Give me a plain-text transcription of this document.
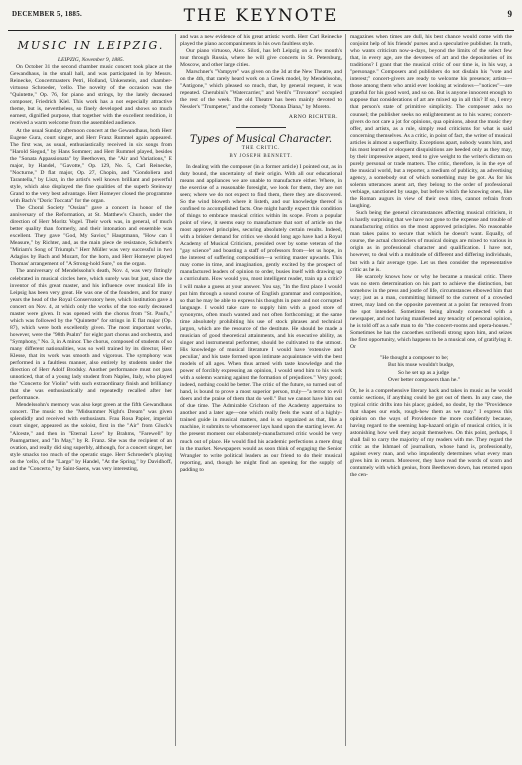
DECEMBER 5, 1885.	THE KEYNOTE	9
MUSIC IN LEIPZIG.

LEIPZIG, November 9, 1885.

On October 31 the second chamber music concert took place at the Gewandhaus, in the small hall, and was participated in by Messrs. Reinecke, Concertmasters Petri, Holland, Unkenstein, and chamber-virtuoso Schroeder, 'cello. The novelty of the occasion was the "Quintette," Op. 76, for piano and strings, by the lately deceased composer, Friedrich Kiel. This work has a not especially attractive theme, but is, nevertheless, so finely developed and shows so much earnest, dignified purpose, that together with the excellent rendition, it received a warm welcome from the assembled audience.

At the usual Sunday afternoon concert at the Gewandhaus, both Herr Eugene Gura, court singer, and Herr Franz Rummel again appeared. The first was, as usual, enthusiastically received in six songs from "Harold Siegud," by Hans Sommer; and Herr Rummel played, besides the "Sonata Appassionata" by Beethoven, the "Air and Variations," E major, by Handel, "Gavotte," Op. 129, No. 5, Carl Reinecke, "Nocturne," D flat major, Op. 27, Chopin, and "Gondoliera and Tarantella," by Liszt, in the artist's well known brilliant and powerful style, which also displayed the fine qualities of the superb Steinway Grand to the very best advantage. Herr Homeyer closed the programme with Bach's "Doric Toccata" for the organ.

The Choral Society "Ossian" gave a concert in honor of the anniversary of the Reformation, at St. Matthew's Church, under the direction of Herr Moritz Vogel. Their work was, in general, of much better quality than formerly, and their intonation and ensemble was excellent. They gave "God, My Savior," Hauptmann, "How can I Measure," by Richter, and, as the main piece de resistance, Schubert's "Miriam's Song of Triumph." Herr Müller was very successful in two Adagios by Bach and Mozart, for the horn, and Herr Homeyer played Thomas' arrangement of "A Strong-hold Sure," on the organ.

The anniversary of Mendelssohn's death, Nov. 4, was very fittingly celebrated in musical circles here, which surely was but just, since the inventor of this great master, and his influence over musical life in Leipsig has been very great. He was one of the founders, and for many years the head of the Royal Conservatory here, which institution gave a concert on Nov. 4, at which only the works of the too early deceased master were given. It was opened with the chorus from "St. Paul's," which was followed by the "Quintette" for strings in E flat major (Op. 87), which were both excellently given. The most important works, however, were the "98th Psalm" for eight part chorus and orchestra, and "Symphony," No. 3, in A minor. The chorus, composed of students of so many different nationalities, was so well trained by its director, Herr Klesse, that its work was smooth and vigorous. The symphony was performed in a faultless manner, also entirely by students under the direction of Herr Adolf Brodsky. Another performance must not pass unnoticed, that of a young lady student from Naples, Italy, who played the "Concerto for Violin" with such extraordinary finish and brilliancy that she was enthusiastically and repeatedly recalled after her performance.

Mendelssohn's memory was also kept green at the fifth Gewandhaus concert. The music to the "Midsummer Night's Dream" was given splendidly and received with enthusiasm. Frau Rosa Papier, imperial court singer, appeared as the soloist, first in the "Air" from Gluck's "Alceste," and then in "Eternal Love" by Brahms, "Farewell" by Paumgartner, and "In May," by R. Franz. She was the recipient of an ovation, and really did sing superbly, although, for a concert singer, her style smacks too much of the operatic stage. Herr Schroeder's playing on the 'cello, of the "Largo" by Handel, "At the Spring," by Davidhoff, and the "Concerto," by Saint-Saens, was very interesting,

and was a new evidence of his great artistic worth. Herr Carl Reinecke played the piano accompaniments in his own faultless style.

Our piano virtuoso, Alex. Siloti, has left Leipzig on a few month's tour through Russia, where he will give concerts in St. Petersburg, Moscow, and other large cities.

Marschner's "Vampyre" was given on the 3d at the New Theatre, and on the 4th, that rarely heard work on a Greek model, by Mendelssohn, "Antigone," which pleased so much, that, by general request, it was repeated. Cherubini's "Watercarrier," and Verdi's "Trovatore" occupied the rest of the week. The old Theatre has been mainly devoted to Nessler's "Trumpeter," and the comedy "Donna Diana," by Moreto.

ARNO RICHTER.
Types of Musical Character.
THE CRITIC.
BY JOSEPH BENNETT.

In dealing with the composer (in a former article) I pointed out, as in duty bound, the uncertainty of their origin. With all our educational means and appliances we are unable to manufacture either. Where, in the exercise of a reasonable foresight, we look for them, they are not seen; where we do not expect to find them, there they are discovered. So the wind bloweth where it listeth, and our knowledge thereof is confined to accomplished facts. One might hardly expect this condition of things to embrace musical critics within its scope. From a popular point of view, it seems easy to manufacture that sort of article on the most approved principles, securing absolutely certain results. Indeed, with a brisker demand for critics we should long ago have had a Royal Academy of Musical Criticism, presided over by some veteran of the "gay science" and boasting a staff of professors from—let us hope, in the interest of suffering composition—a writing master upwards. This may come in time, and imagination, gently excited by the prospect of manufactured leaders of opinion to order, busies itself with drawing up a curriculum. How would you, most intelligent reader, train up a critic? I will make a guess at your answer. You say, "In the first place I would put him through a sound course of English grammar and composition, so that he may be able to express his thoughts in pure and not corrupted language. I would take care to supply him with a good store of synonyms, often much wanted and not often forthcoming; at the same time absolutely prohibiting his use of stock phrases and technical jargon, which are the resource of the destitute. He should be made a musician of good theoretical attainments, and his executive ability, as singer and instrumental performer, should be cultivated to the utmost. His knowledge of musical literature I would have 'extensive and peculiar,' and his taste formed upon intimate acquaintance with the best models of all ages. When thus armed with taste knowledge and the power of forcibly expressing an opinion, I would send him to his work with a solemn warning against the formation of prejudices." Very good; indeed, nothing could be better. The critic of the future, so turned out of hand, is bound to prove a most superior person, truly—"a terror to evil doers and the praise of them that do well." But we cannot have him out of due time. The Admirable Crichton of the Academy appertains to another and a later age—one which really feels the want of a highly-trained guide in musical matters, and is so organized as that, like a machine, it submits to whomsoever lays hand upon the starting lever. At the present moment our elaborately-manufactured critic would be very much out of place. He would find his academic perfections a mere drug in the market. Newspapers would as soon think of engaging the Senior Wrangler to write political leaders as our friend to do their musical reporting, and, though he might find an opening for the supply of padding to

magazines when times are dull, his best chance would come with the conjoint help of his friends' purses and a speculative publisher. In truth, who wants criticism now-a-days, beyond the limits of the select few that, in every age, are the devotees of art and the depositories of its traditions? I grant that the musical critic of our time is, in his way, a "personage." Composers and publishers do not disdain his "vote and interest;" concert-givers are ready to welcome his presence; artists—those among them who amid ever looking at windows—"notices"—are grateful for his good word, and so on. But is anyone innocent enough to suppose that considerations of art are mixed up in all this? If so, I envy that person's state of primitive simplicity. The composer asks no counsel; the publisher seeks no enlightenment as to his wares; concert-givers do not care a jot for opinions, qua opinions, about the music they offer, and artists, as a rule, simply read criticisms for what is said concerning themselves. As a critic, in point of fact, the writer of musical articles is almost a superfluity. Exceptions apart, nobody wants him, and his most learned or eloquent disquisitions are heeded only as they may, by their impressive aspect, tend to give weight to the writer's dictum on purely personal or trade matters. The critic, therefore, is in the eye of the musical world, but a reporter, a medium of publicity, an advertising agency, a somebody out of which something may be got. As for his solemn utterances anent art, they belong to the order of professional verbiage, sanctioned by usage, but before which the knowing ones, like the Roman augurs in view of their own rites, cannot refrain from laughing.

Such being the general circumstances affecting musical criticism, it is hardly surprising that we have not gone to the expense and trouble of manufacturing critics on the most approved principles. No reasonable man takes pains to secure that which he doesn't want. Equally, of course, the actual chroniclers of musical doings are mixed to various in origin as in professional character and qualification. I have not, however, to deal with a multitude of different and differing individuals, but with a fair average type. Let us then consider the representative critic as he is.

He scarcely knows how or why he became a musical critic. There was no stern determination on his part to achieve the distinction, but somehow in the press and jostle of life, circumstances elbowed him that way; just as a man, committing himself to the current of a crowded street, may land on the opposite pavement at a point far removed from the spot intended. Sometimes being already connected with a newspaper, and not having manifested any tenacity of personal opinion, he is told off as a safe man to do "the concert-rooms and opera-houses." Sometimes he has the cacoethes scribendi strong upon him, and seizes the first opportunity, which happens to be a musical one, of gratifying it. Or

"He thought a composer to be;
But his muse wouldn't budge,
So he set up as a judge
Over better composers than he."

Or, he is a comprehensive literary hack and takes in music as he would comic sections, if anything could be got out of them. In any case, the typical critic drifts into his place; guided, no doubt, by the "Providence that shapes our ends, rough-hew them as we may." I express this opinion on the ways of Providence the more confidently because, having regard to the seeming hap-hazard origin of musical critics, it is astonishing how well they acquit themselves. On this point, perhaps, I shall fail to carry the majority of my readers with me. They regard the critic as the Ishmael of journalism, whose hand is, professionally, against every man, and who impudently determines what every man gives him in return. Moreover, they have read the words of scorn and contumely with which genius, from Beethoven down, has retorted upon the cen-
